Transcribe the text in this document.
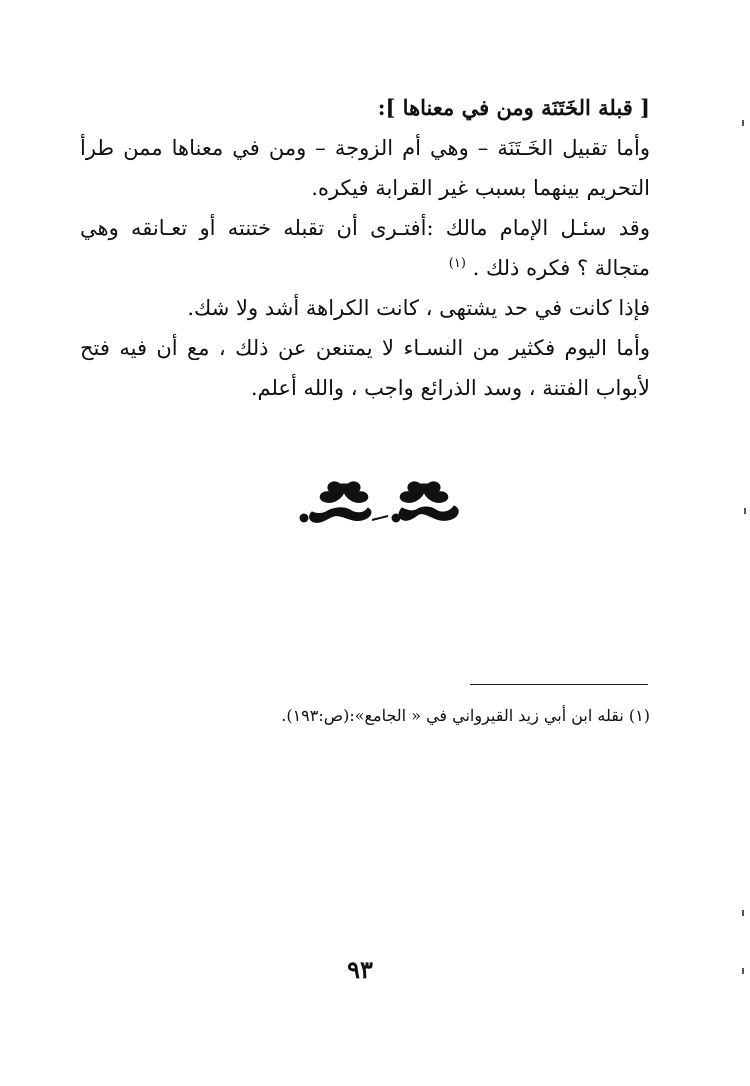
[ قبلة الخَتَنَة ومن في معناها ]:

وأما تقبيل الخَـتَنَة – وهي أم الزوجة – ومن في معناها ممن طرأ التحريم بينهما بسبب غير القرابة فيكره.

وقد سئـل الإمام مالك :أفتـرى أن تقبله ختنته أو تعـانقه وهي متجالة ؟ فكره ذلك . $^{(١)}$

فإذا كانت في حد يشتهى ، كانت الكراهة أشد ولا شك.

وأما اليوم فكثير من النسـاء لا يمتنعن عن ذلك ، مع أن فيه فتح لأبواب الفتنة ، وسد الذرائع واجب ، والله أعلم.

(١) نقله ابن أبي زيد القيرواني في « الجامع»:(ص:١٩٣).
٩٣
